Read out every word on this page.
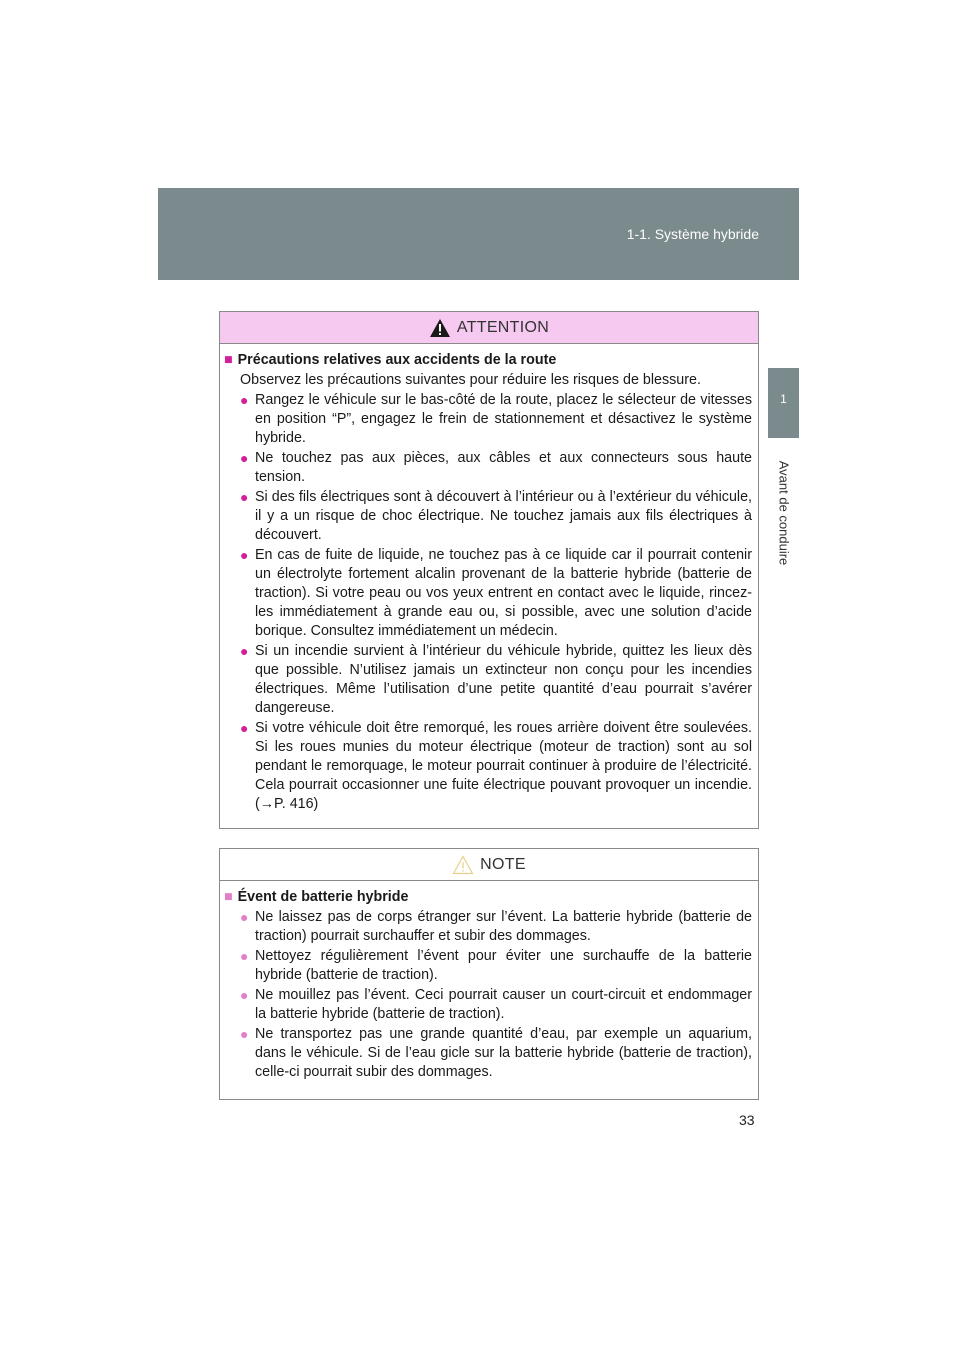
1-1. Système hybride
1
Avant de conduire
ATTENTION
■ Précautions relatives aux accidents de la route
Observez les précautions suivantes pour réduire les risques de blessure.
● Rangez le véhicule sur le bas-côté de la route, placez le sélecteur de vitesses en position “P”, engagez le frein de stationnement et désactivez le système hybride.
● Ne touchez pas aux pièces, aux câbles et aux connecteurs sous haute tension.
● Si des fils électriques sont à découvert à l’intérieur ou à l’extérieur du véhicule, il y a un risque de choc électrique. Ne touchez jamais aux fils électriques à découvert.
● En cas de fuite de liquide, ne touchez pas à ce liquide car il pourrait contenir un électrolyte fortement alcalin provenant de la batterie hybride (batterie de traction). Si votre peau ou vos yeux entrent en contact avec le liquide, rincez-les immédiatement à grande eau ou, si possible, avec une solution d’acide borique. Consultez immédiatement un médecin.
● Si un incendie survient à l’intérieur du véhicule hybride, quittez les lieux dès que possible. N’utilisez jamais un extincteur non conçu pour les incendies électriques. Même l’utilisation d’une petite quantité d’eau pourrait s’avérer dangereuse.
● Si votre véhicule doit être remorqué, les roues arrière doivent être soulevées. Si les roues munies du moteur électrique (moteur de traction) sont au sol pendant le remorquage, le moteur pourrait continuer à produire de l’électricité. Cela pourrait occasionner une fuite électrique pouvant provoquer un incendie. (→P. 416)
NOTE
■ Évent de batterie hybride
● Ne laissez pas de corps étranger sur l’évent. La batterie hybride (batterie de traction) pourrait surchauffer et subir des dommages.
● Nettoyez régulièrement l’évent pour éviter une surchauffe de la batterie hybride (batterie de traction).
● Ne mouillez pas l’évent. Ceci pourrait causer un court-circuit et endommager la batterie hybride (batterie de traction).
● Ne transportez pas une grande quantité d’eau, par exemple un aquarium, dans le véhicule. Si de l’eau gicle sur la batterie hybride (batterie de traction), celle-ci pourrait subir des dommages.
33
